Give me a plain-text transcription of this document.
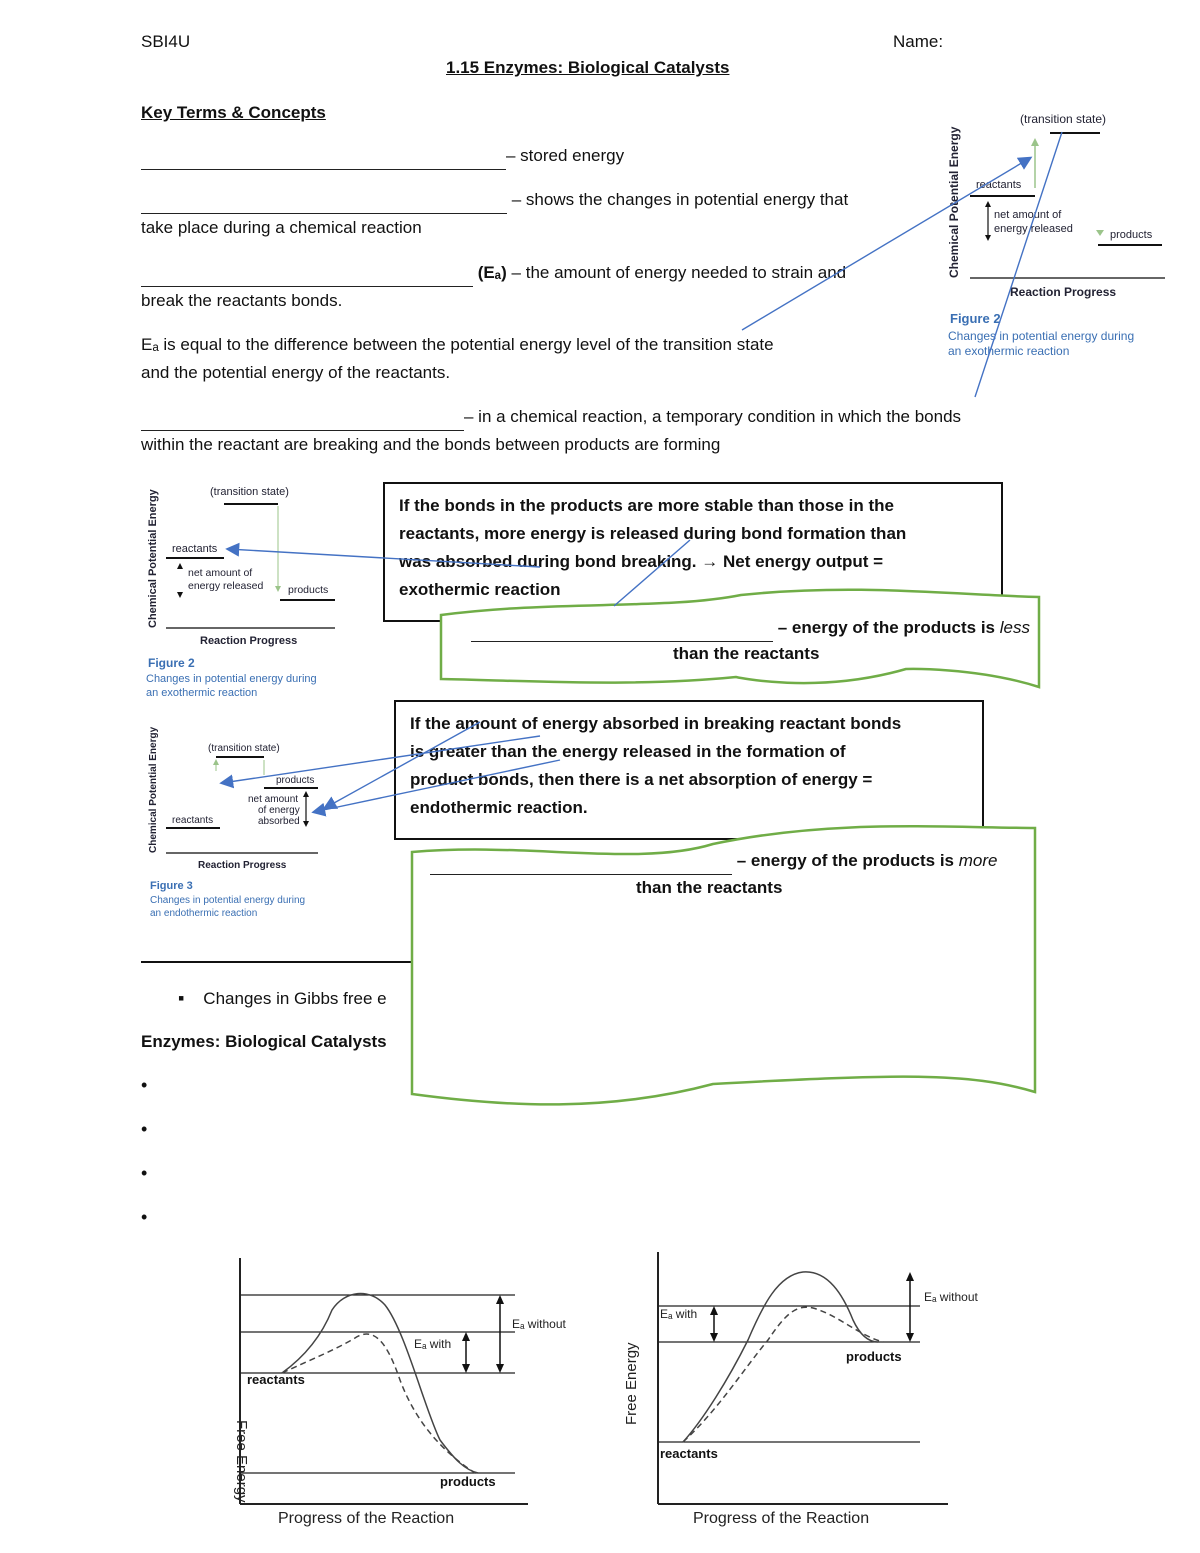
SBI4U	Name:
1.15 Enzymes: Biological Catalysts
Key Terms & Concepts
– stored energy
– shows the changes in potential energy that
take place during a chemical reaction
(Eₐ) – the amount of energy needed to strain and
break the reactants bonds.
Eₐ is equal to the difference between the potential energy level of the transition state
and the potential energy of the reactants.
– in a chemical reaction, a temporary condition in which the bonds
within the reactant are breaking and the bonds between products are forming
Chemical Potential Energy
(transition state)
reactants
net amount of
energy released	products
Reaction Progress
Figure 2
Changes in potential energy during
an exothermic reaction
Chemical Potential Energy	(transition state)
reactants
net amount of
energy released products
Reaction Progress
Figure 2
Changes in potential energy during
an exothermic reaction
Chemical Potential Energy	(transition state)
products
net amount
of energy
absorbed
reactants
Reaction Progress
Figure 3
Changes in potential energy during
an endothermic reaction
▪ Changes in Gibbs free e
Enzymes: Biological Catalysts
•
•
•
•
If the bonds in the products are more stable than those in the
reactants, more energy is released during bond formation than
was absorbed during bond breaking. → Net energy output =
exothermic reaction
– energy of the products is less
than the reactants
If the amount of energy absorbed in breaking reactant bonds
is greater than the energy released in the formation of
product bonds, then there is a net absorption of energy =
endothermic reaction.
– energy of the products is more
than the reactants
Free Energy
Eₐ without
Eₐ with
reactants
products
Progress of the Reaction
Free Energy
Eₐ without
Eₐ with
products
reactants
Progress of the Reaction
